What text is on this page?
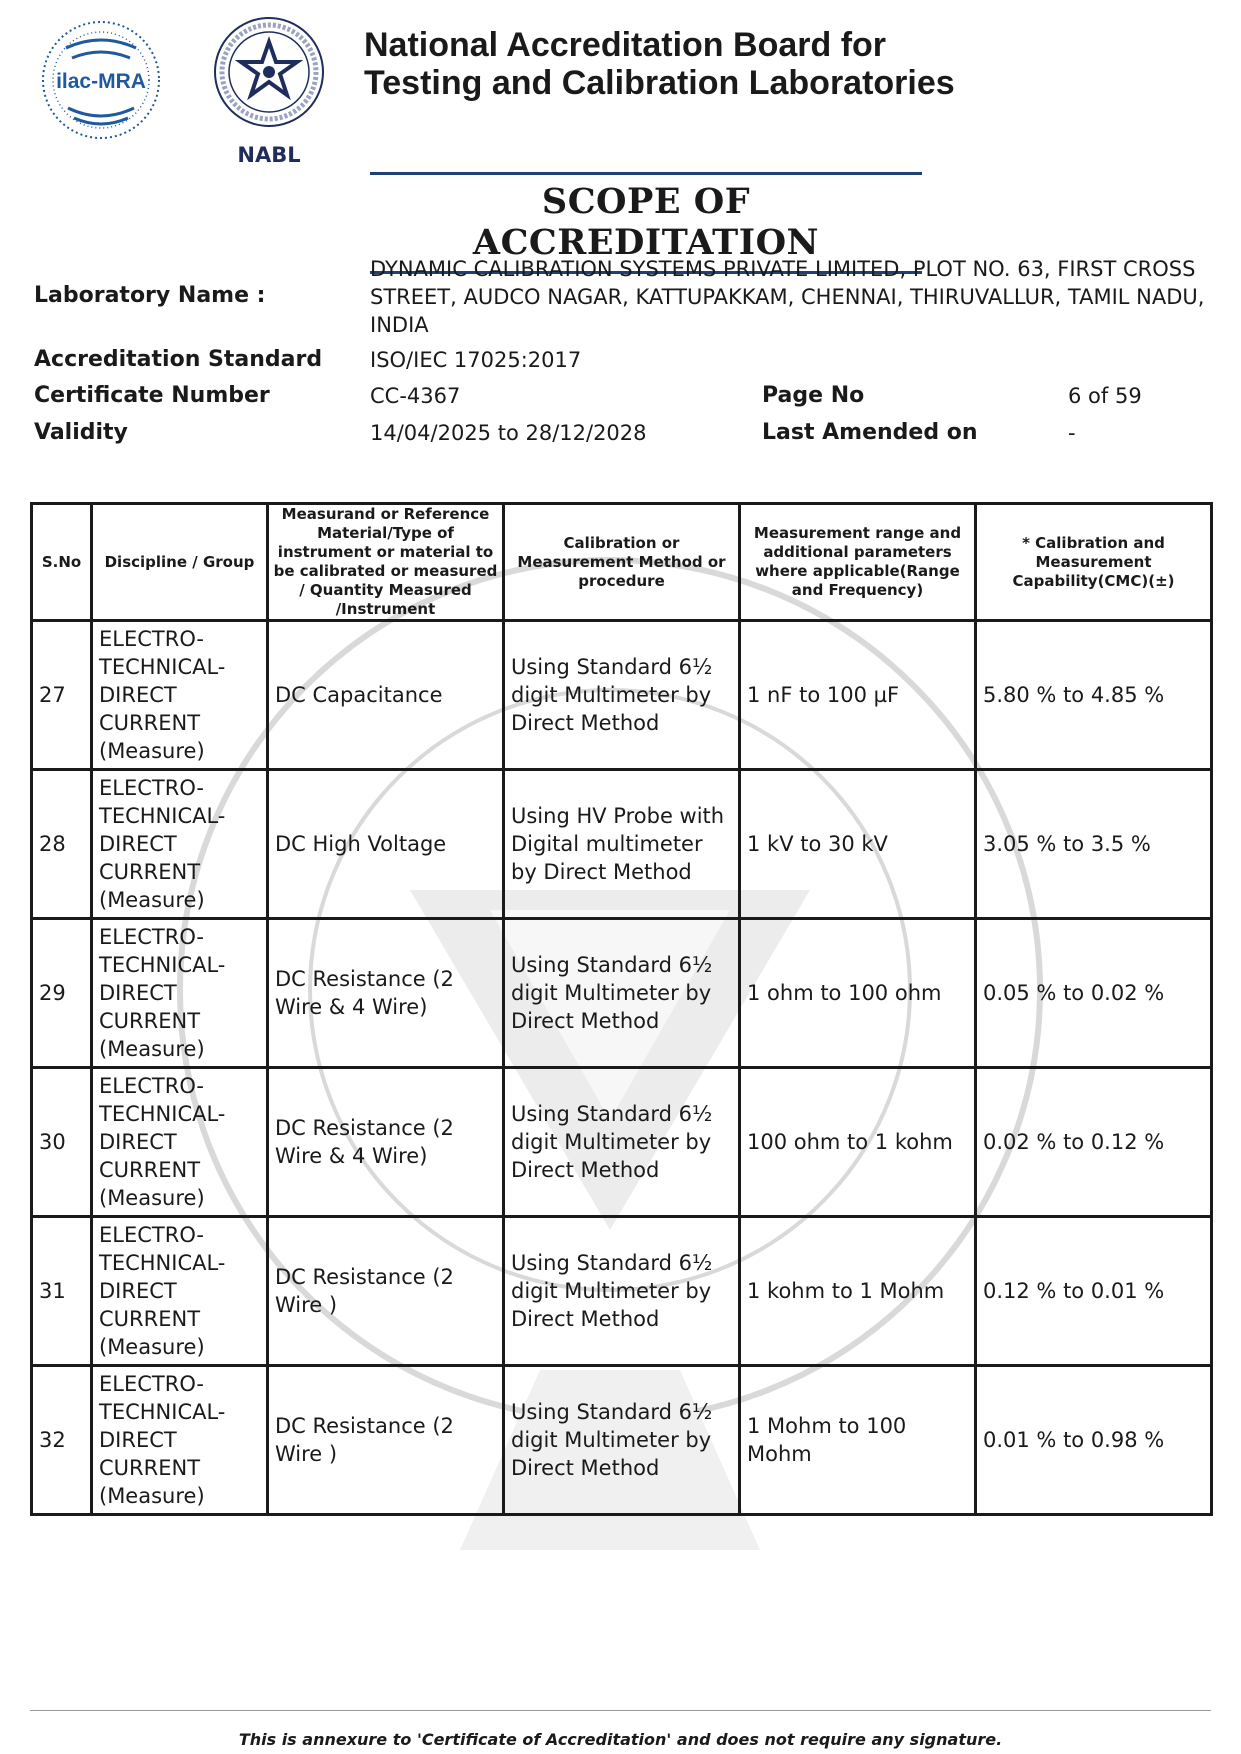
ilac-MRA
NABL
National Accreditation Board for
Testing and Calibration Laboratories
SCOPE OF ACCREDITATION
Laboratory Name :
DYNAMIC CALIBRATION SYSTEMS PRIVATE LIMITED, PLOT NO. 63, FIRST CROSS
STREET, AUDCO NAGAR, KATTUPAKKAM, CHENNAI, THIRUVALLUR, TAMIL NADU,
INDIA
Accreditation Standard ISO/IEC 17025:2017
Certificate Number	CC-4367	Page No	6 of 59
Validity	14/04/2025 to 28/12/2028	Last Amended on	-
S.No	Discipline / Group	Measurand or Reference Material/Type of instrument or material to be calibrated or measured / Quantity Measured /Instrument	Calibration or Measurement Method or procedure	Measurement range and additional parameters where applicable(Range and Frequency)	* Calibration and Measurement Capability(CMC)(±)
27	ELECTRO-TECHNICAL-DIRECT CURRENT (Measure)	DC Capacitance	Using Standard 6½ digit Multimeter by Direct Method	1 nF to 100 µF	5.80 % to 4.85 %
28	ELECTRO-TECHNICAL-DIRECT CURRENT (Measure)	DC High Voltage	Using HV Probe with Digital multimeter by Direct Method	1 kV to 30 kV	3.05 % to 3.5 %
29	ELECTRO-TECHNICAL-DIRECT CURRENT (Measure)	DC Resistance (2 Wire & 4 Wire)	Using Standard 6½ digit Multimeter by Direct Method	1 ohm to 100 ohm	0.05 % to 0.02 %
30	ELECTRO-TECHNICAL-DIRECT CURRENT (Measure)	DC Resistance (2 Wire & 4 Wire)	Using Standard 6½ digit Multimeter by Direct Method	100 ohm to 1 kohm	0.02 % to 0.12 %
31	ELECTRO-TECHNICAL-DIRECT CURRENT (Measure)	DC Resistance (2 Wire )	Using Standard 6½ digit Multimeter by Direct Method	1 kohm to 1 Mohm	0.12 % to 0.01 %
32	ELECTRO-TECHNICAL-DIRECT CURRENT (Measure)	DC Resistance (2 Wire )	Using Standard 6½ digit Multimeter by Direct Method	1 Mohm to 100 Mohm	0.01 % to 0.98 %
This is annexure to 'Certificate of Accreditation' and does not require any signature.
